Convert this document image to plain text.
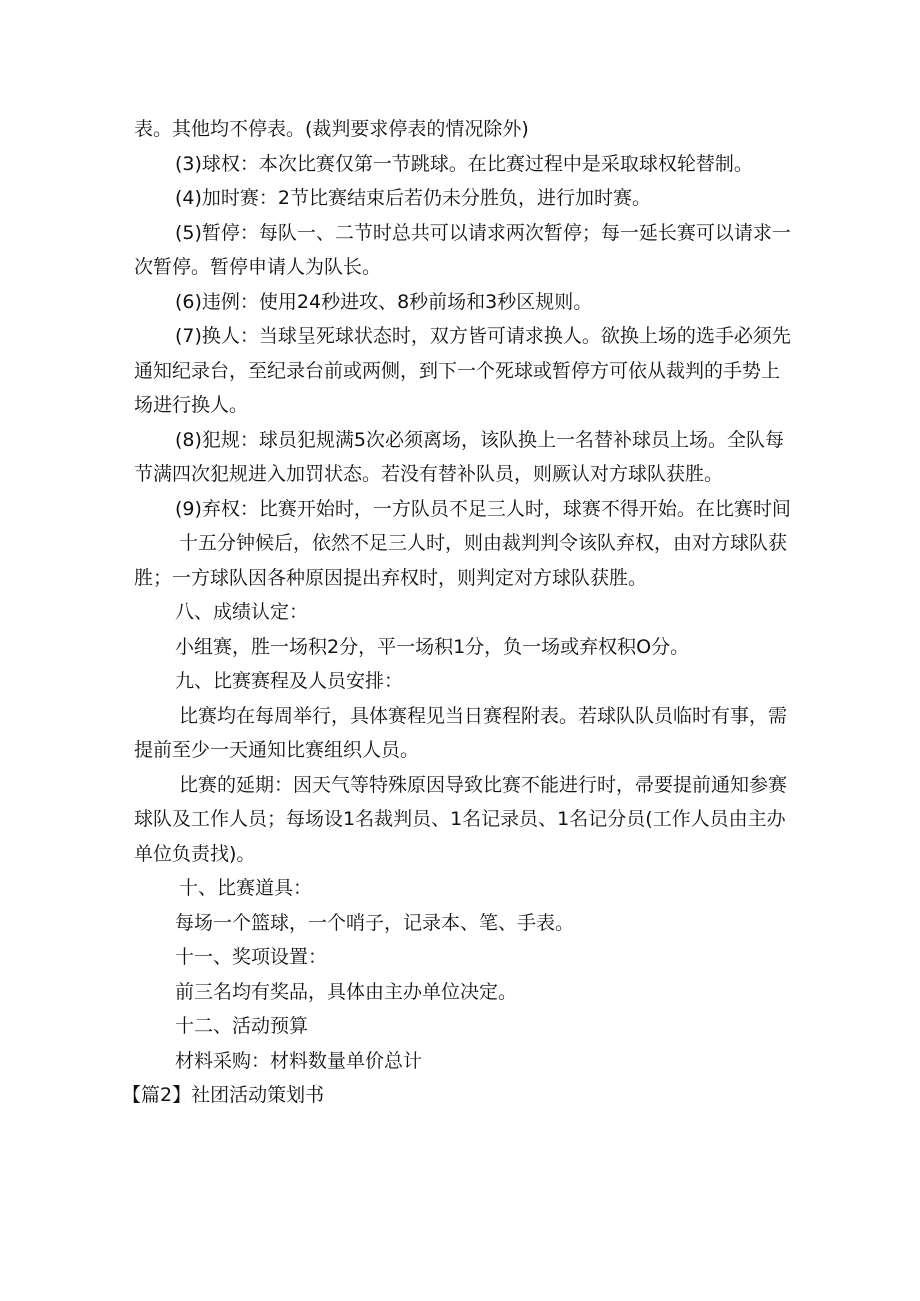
表。其他均不停表。(裁判要求停表的情况除外)

(3)球权：本次比赛仅第一节跳球。在比赛过程中是采取球权轮替制。

(4)加时赛：2节比赛结束后若仍未分胜负，进行加时赛。

(5)暂停：每队一、二节时总共可以请求两次暂停；每一延长赛可以请求一次暂停。暂停申请人为队长。

(6)违例：使用24秒进攻、8秒前场和3秒区规则。

(7)换人：当球呈死球状态时，双方皆可请求换人。欲换上场的选手必须先通知纪录台，至纪录台前或两侧，到下一个死球或暂停方可依从裁判的手势上场进行换人。

(8)犯规：球员犯规满5次必须离场，该队换上一名替补球员上场。全队每节满四次犯规进入加罚状态。若没有替补队员，则厥认对方球队获胜。

(9)弃权：比赛开始时，一方队员不足三人时，球赛不得开始。在比赛时间

十五分钟候后，依然不足三人时，则由裁判判令该队弃权，由对方球队获胜；一方球队因各种原因提出弃权时，则判定对方球队获胜。

八、成绩认定：

小组赛，胜一场积2分，平一场积1分，负一场或弃权积O分。

九、比赛赛程及人员安排：

比赛均在每周举行，具体赛程见当日赛程附表。若球队队员临时有事，需提前至少一天通知比赛组织人员。

比赛的延期：因天气等特殊原因导致比赛不能进行时，帚要提前通知参赛球队及工作人员；每场设1名裁判员、1名记录员、1名记分员(工作人员由主办单位负责找)。

十、比赛道具：

每场一个篮球，一个哨子，记录本、笔、手表。

十一、奖项设置：

前三名均有奖品，具体由主办单位决定。

十二、活动预算

材料采购：材料数量单价总计

【篇2】社团活动策划书
